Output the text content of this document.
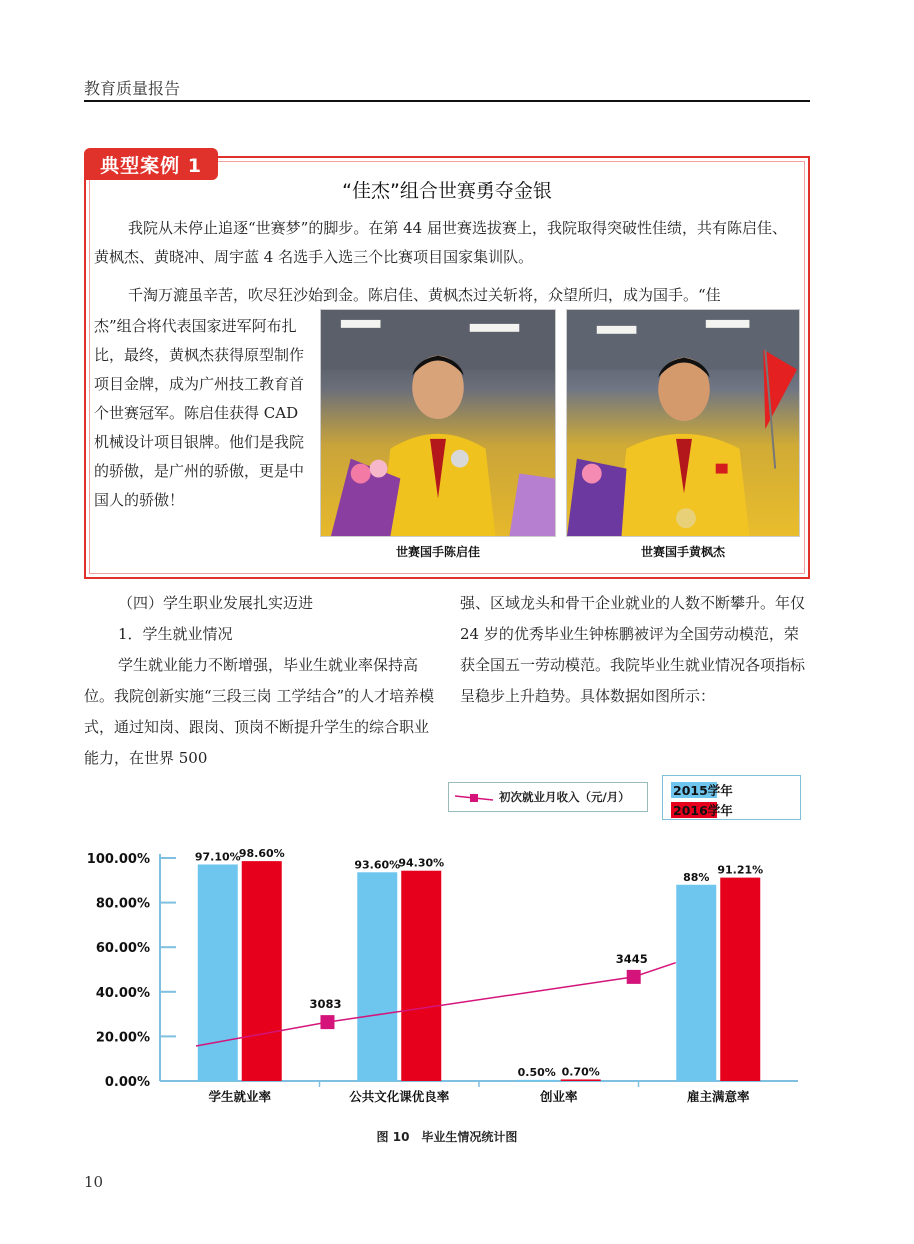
教育质量报告
典型案例 1
“佳杰”组合世赛勇夺金银
我院从未停止追逐“世赛梦”的脚步。在第 44 届世赛选拔赛上，我院取得突破性佳绩，共有陈启佳、黄枫杰、黄晓冲、周宇蓝 4 名选手入选三个比赛项目国家集训队。
千淘万漉虽辛苦，吹尽狂沙始到金。陈启佳、黄枫杰过关斩将，众望所归，成为国手。“佳
杰”组合将代表国家进军阿布扎比，最终，黄枫杰获得原型制作项目金牌，成为广州技工教育首个世赛冠军。陈启佳获得 CAD 机械设计项目银牌。他们是我院的骄傲，是广州的骄傲，更是中国人的骄傲！
世赛国手陈启佳	世赛国手黄枫杰
（四）学生职业发展扎实迈进
1．学生就业情况
学生就业能力不断增强，毕业生就业率保持高位。我院创新实施“三段三岗 工学结合”的人才培养模式，通过知岗、跟岗、顶岗不断提升学生的综合职业能力，在世界 500
强、区域龙头和骨干企业就业的人数不断攀升。年仅 24 岁的优秀毕业生钟栋鹏被评为全国劳动模范，荣获全国五一劳动模范。我院毕业生就业情况各项指标呈稳步上升趋势。具体数据如图所示：
初次就业月收入（元/月）	2015学年
2016学年
0.00%
20.00%
40.00%
60.00%
80.00%
100.00%	97.10%
98.60%
学生就业率
93.60%
94.30%
公共文化课优良率
0.50% 0.70%
创业率
88%
91.21%
雇主满意率
3083
3445
图 10　毕业生情况统计图
10
